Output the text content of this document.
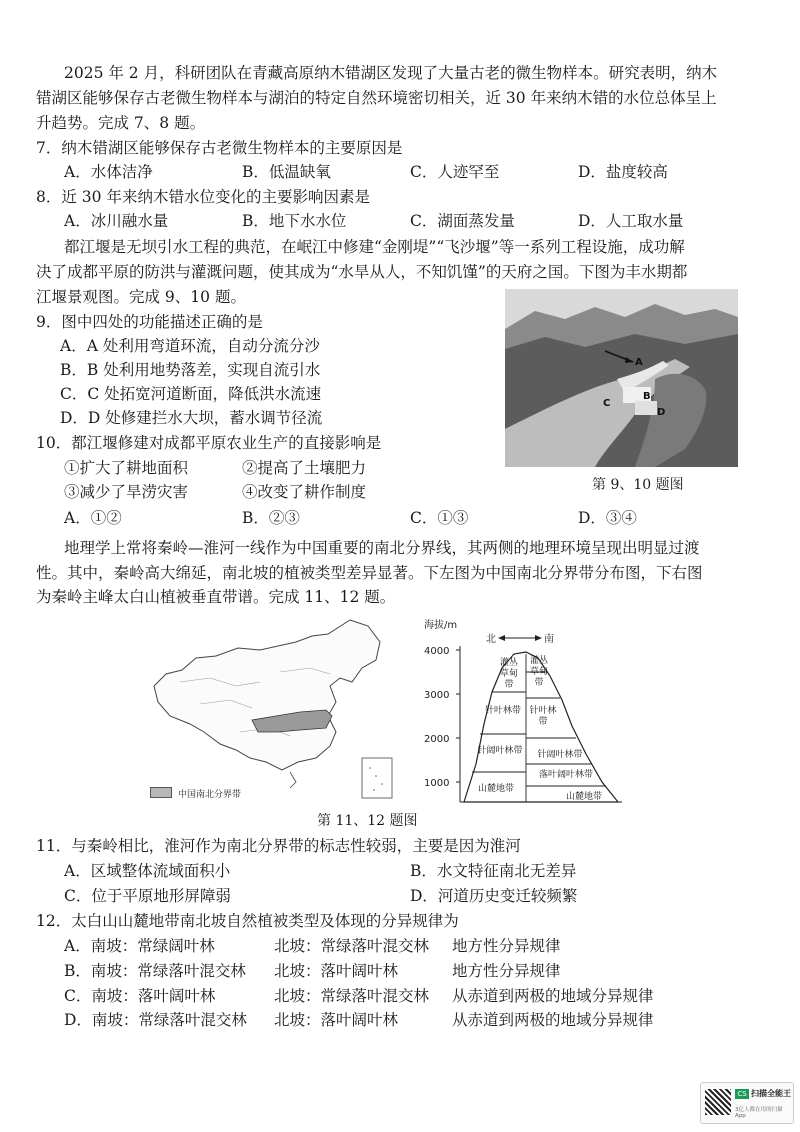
2025 年 2 月，科研团队在青藏高原纳木错湖区发现了大量古老的微生物样本。研究表明，纳木
错湖区能够保存古老微生物样本与湖泊的特定自然环境密切相关，近 30 年来纳木错的水位总体呈上
升趋势。完成 7、8 题。
7．纳木错湖区能够保存古老微生物样本的主要原因是
A．水体洁净	B．低温缺氧	C．人迹罕至	D．盐度较高
8．近 30 年来纳木错水位变化的主要影响因素是
A．冰川融水量	B．地下水水位	C．湖面蒸发量	D．人工取水量
都江堰是无坝引水工程的典范，在岷江中修建“金刚堤”“飞沙堰”等一系列工程设施，成功解
决了成都平原的防洪与灌溉问题，使其成为“水旱从人，不知饥馑”的天府之国。下图为丰水期都
江堰景观图。完成 9、10 题。
9．图中四处的功能描述正确的是
A．A 处利用弯道环流，自动分流分沙
B．B 处利用地势落差，实现自流引水
C．C 处拓宽河道断面，降低洪水流速
D．D 处修建拦水大坝，蓄水调节径流
10．都江堰修建对成都平原农业生产的直接影响是
①扩大了耕地面积	②提高了土壤肥力
③减少了旱涝灾害	④改变了耕作制度
A．①②	B．②③	C．①③	D．③④
A
B
C
D
第 9、10 题图
地理学上常将秦岭—淮河一线作为中国重要的南北分界线，其两侧的地理环境呈现出明显过渡
性。其中，秦岭高大绵延，南北坡的植被类型差异显著。下左图为中国南北分界带分布图，下右图
为秦岭主峰太白山植被垂直带谱。完成 11、12 题。
中国南北分界带
海拔/m
北	南
4000
3000
2000
1000
灌丛草甸带
针叶林带
针阔叶林带
山麓地带
灌丛草甸带
针叶林带
针阔叶林带
落叶阔叶林带
山麓地带
第 11、12 题图
11．与秦岭相比，淮河作为南北分界带的标志性较弱，主要是因为淮河
A．区域整体流域面积小	B．水文特征南北无差异
C．位于平原地形屏障弱	D．河道历史变迁较频繁
12．太白山山麓地带南北坡自然植被类型及体现的分异规律为
A．南坡：常绿阔叶林	北坡：常绿落叶混交林 地方性分异规律
B．南坡：常绿落叶混交林 北坡：落叶阔叶林	地方性分异规律
C．南坡：落叶阔叶林	北坡：常绿落叶混交林 从赤道到两极的地域分异规律
D．南坡：常绿落叶混交林 北坡：落叶阔叶林	从赤道到两极的地域分异规律
CS 扫描全能王
3亿人都在用的扫描App
